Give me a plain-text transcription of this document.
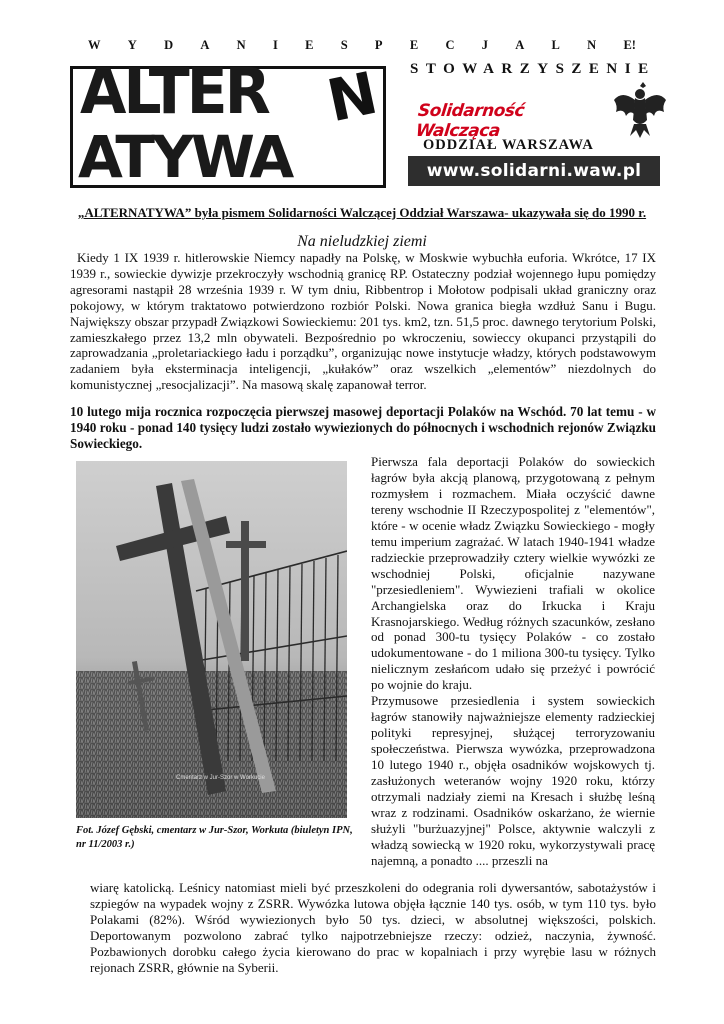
W Y D A N I E S P E C J A L N E!
ALTER N
ATYWA
STOWARZYSZENIE
Solidarność Walcząca
ODDZIAŁ WARSZAWA
www.solidarni.waw.pl
„ALTERNATYWA” była pismem Solidarności Walczącej Oddział Warszawa- ukazywała się do 1990 r.
Na nieludzkiej ziemi
Kiedy 1 IX 1939 r. hitlerowskie Niemcy napadły na Polskę, w Moskwie wybuchła euforia. Wkrótce, 17 IX 1939 r., sowieckie dywizje przekroczyły wschodnią granicę RP. Ostateczny podział wojennego łupu pomiędzy agresorami nastąpił 28 września 1939 r. W tym dniu, Ribbentrop i Mołotow podpisali układ graniczny oraz pokojowy, w którym traktatowo potwierdzono rozbiór Polski. Nowa granica biegła wzdłuż Sanu i Bugu. Największy obszar przypadł Związkowi Sowieckiemu: 201 tys. km2, tzn. 51,5 proc. dawnego terytorium Polski, zamieszkałego przez 13,2 mln obywateli. Bezpośrednio po wkroczeniu, sowieccy okupanci przystąpili do zaprowadzania „proletariackiego ładu i porządku”, organizując nowe instytucje władzy, których podstawowym zadaniem była eksterminacja inteligencji, „kułaków” oraz wszelkich „elementów” niezdolnych do komunistycznej „resocjalizacji”. Na masową skalę zapanował terror.
10 lutego mija rocznica rozpoczęcia pierwszej masowej deportacji Polaków na Wschód. 70 lat temu - w 1940 roku - ponad 140 tysięcy ludzi zostało wywiezionych do północnych i wschodnich rejonów Związku Sowieckiego.
Cmentarz w Jur-Szor w Workucie
Fot. Józef Gębski, cmentarz w Jur-Szor, Workuta (biuletyn IPN, nr 11/2003 r.)

Pierwsza fala deportacji Polaków do sowieckich łagrów była akcją planową, przygotowaną z pełnym rozmysłem i rozmachem. Miała oczyścić dawne tereny wschodnie II Rzeczypospolitej z "elementów", które - w ocenie władz Związku Sowieckiego - mogły temu imperium zagrażać. W latach 1940-1941 władze radzieckie przeprowadziły cztery wielkie wywózki ze wschodniej Polski, oficjalnie nazywane "przesiedleniem". Wywiezieni trafiali w okolice Archangielska oraz do Irkucka i Kraju Krasnojarskiego. Według różnych szacunków, zesłano od ponad 300-tu tysięcy Polaków - co zostało udokumentowane - do 1 miliona 300-tu tysięcy. Tylko nielicznym zesłańcom udało się przeżyć i powrócić po wojnie do kraju.

Przymusowe przesiedlenia i system sowieckich łagrów stanowiły najważniejsze elementy radzieckiej polityki represyjnej, służącej terroryzowaniu społeczeństwa. Pierwsza wywózka, przeprowadzona 10 lutego 1940 r., objęła osadników wojskowych tj. zasłużonych weteranów wojny 1920 roku, którzy otrzymali nadziały ziemi na Kresach i służbę leśną wraz z rodzinami. Osadników oskarżano, że wiernie służyli "burżuazyjnej" Polsce, aktywnie walczyli z władzą sowiecką w 1920 roku, wykorzystywali pracę najemną, a ponadto .... przeszli na

wiarę katolicką. Leśnicy natomiast mieli być przeszkoleni do odegrania roli dywersantów, sabotażystów i szpiegów na wypadek wojny z ZSRR. Wywózka lutowa objęła łącznie 140 tys. osób, w tym 110 tys. było Polakami (82%). Wśród wywiezionych było 50 tys. dzieci, w absolutnej większości, polskich. Deportowanym pozwolono zabrać tylko najpotrzebniejsze rzeczy: odzież, naczynia, żywność. Pozbawionych dorobku całego życia kierowano do prac w kopalniach i przy wyrębie lasu w różnych rejonach ZSRR, głównie na Syberii.
